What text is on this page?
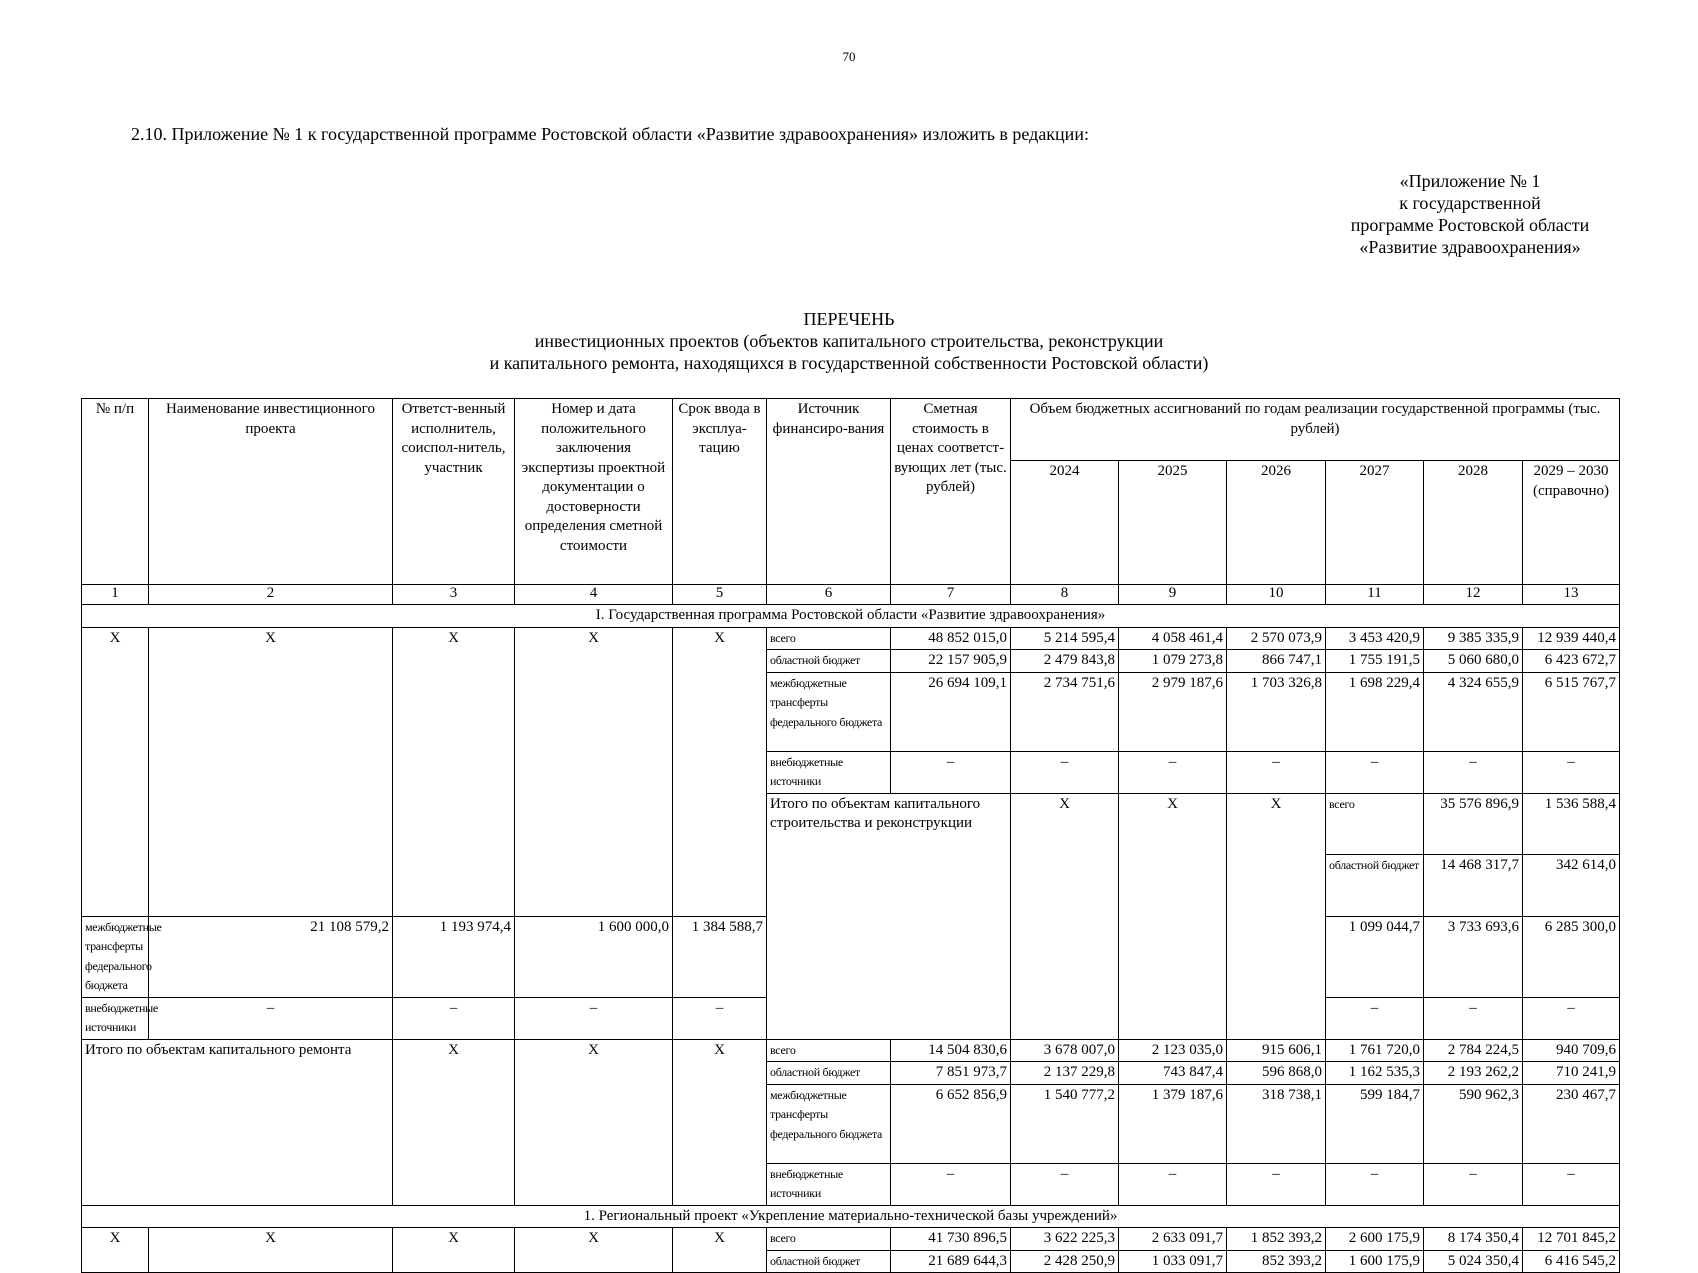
70
2.10. Приложение № 1 к государственной программе Ростовской области «Развитие здравоохранения» изложить в редакции:
«Приложение № 1
к государственной
программе Ростовской области
«Развитие здравоохранения»
ПЕРЕЧЕНЬ
инвестиционных проектов (объектов капитального строительства, реконструкции
и капитального ремонта, находящихся в государственной собственности Ростовской области)
№ п/п	Наименование инвестиционного проекта	Ответст-венный исполнитель, соиспол-нитель, участник	Номер и дата положительного заключения экспертизы проектной документации о достоверности определения сметной стоимости	Срок ввода в эксплуа-тацию	Источник финансиро-вания	Сметная стоимость в ценах соответст-вующих лет (тыс. рублей)	Объем бюджетных ассигнований по годам реализации государственной программы (тыс. рублей)						
							2024	2025	2026	2027	2028	2029 – 2030 (справочно)	
1	2	3	4	5	6	7	8	9	10	11	12	13	
I. Государственная программа Ростовской области «Развитие здравоохранения»													
Х	Х	Х	Х	Х	всего	48 852 015,0	5 214 595,4	4 058 461,4	2 570 073,9	3 453 420,9	9 385 335,9	12 939 440,4	
					областной бюджет	22 157 905,9	2 479 843,8	1 079 273,8	866 747,1	1 755 191,5	5 060 680,0	6 423 672,7	
					межбюджетные трансферты федерального бюджета	26 694 109,1	2 734 751,6	2 979 187,6	1 703 326,8	1 698 229,4	4 324 655,9	6 515 767,7	
					внебюджетные источники	–	–	–	–	–	–	–	
					Итого по объектам капитального строительства и реконструкции		Х	Х	Х	всего	35 576 896,9	1 536 588,4					
										областной бюджет	14 468 317,7	342 614,0					
межбюджетные трансферты федерального бюджета	21 108 579,2	1 193 974,4	1 600 000,0	1 384 588,7						1 099 044,7	3 733 693,6	6 285 300,0	
внебюджетные источники	–	–	–	–						–	–	–	
Итого по объектам капитального ремонта		Х	Х	Х	всего	14 504 830,6	3 678 007,0	2 123 035,0	915 606,1	1 761 720,0	2 784 224,5	940 709,6	
					областной бюджет	7 851 973,7	2 137 229,8	743 847,4	596 868,0	1 162 535,3	2 193 262,2	710 241,9	
					межбюджетные трансферты федерального бюджета	6 652 856,9	1 540 777,2	1 379 187,6	318 738,1	599 184,7	590 962,3	230 467,7	
					внебюджетные источники	–	–	–	–	–	–	–	
1. Региональный проект «Укрепление материально-технической базы учреждений»													
Х	Х	Х	Х	Х	всего	41 730 896,5	3 622 225,3	2 633 091,7	1 852 393,2	2 600 175,9	8 174 350,4	12 701 845,2	
					областной бюджет	21 689 644,3	2 428 250,9	1 033 091,7	852 393,2	1 600 175,9	5 024 350,4	6 416 545,2	
